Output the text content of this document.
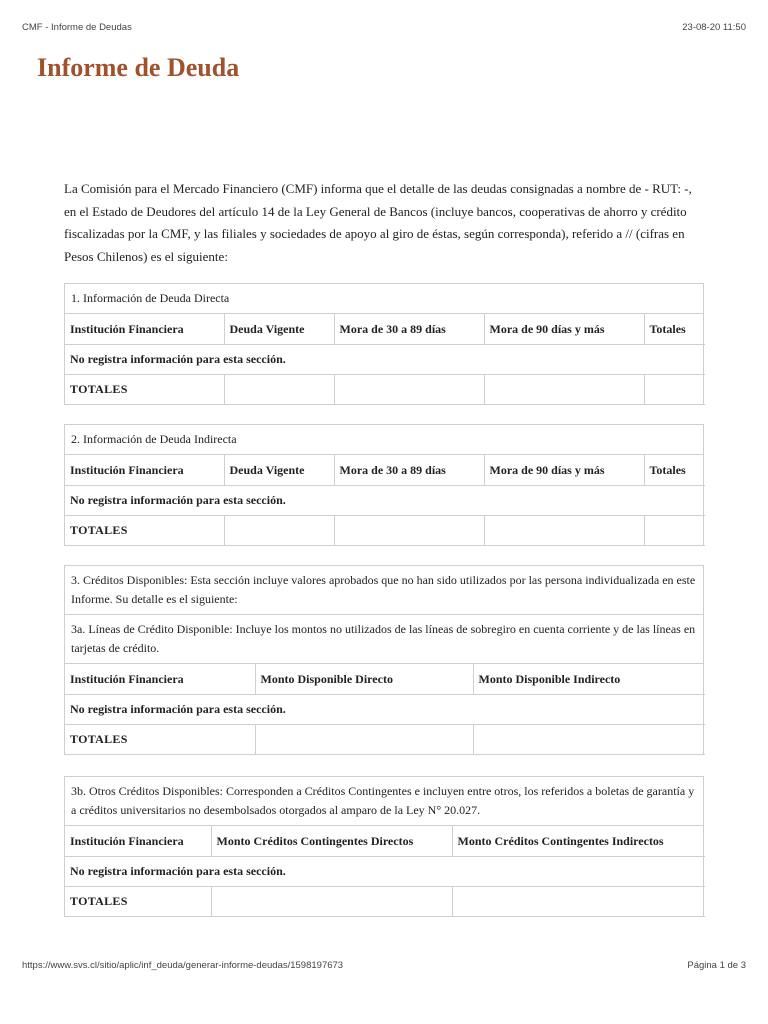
CMF - Informe de Deudas	23-08-20 11:50
Informe de Deuda

La Comisión para el Mercado Financiero (CMF) informa que el detalle de las deudas consignadas a nombre de - RUT: -, en el Estado de Deudores del artículo 14 de la Ley General de Bancos (incluye bancos, cooperativas de ahorro y crédito fiscalizadas por la CMF, y las filiales y sociedades de apoyo al giro de éstas, según corresponda), referido a // (cifras en Pesos Chilenos) es el siguiente:

1. Información de Deuda Directa
Institución Financiera	Deuda Vigente	Mora de 30 a 89 días	Mora de 90 días y más	Totales
No registra información para esta sección.				
TOTALES				
2. Información de Deuda Indirecta
Institución Financiera	Deuda Vigente	Mora de 30 a 89 días	Mora de 90 días y más	Totales
No registra información para esta sección.				
TOTALES				
3. Créditos Disponibles: Esta sección incluye valores aprobados que no han sido utilizados por las persona individualizada en este Informe. Su detalle es el siguiente:
3a. Líneas de Crédito Disponible: Incluye los montos no utilizados de las líneas de sobregiro en cuenta corriente y de las líneas en tarjetas de crédito.
Institución Financiera	Monto Disponible Directo	Monto Disponible Indirecto
No registra información para esta sección.		
TOTALES		
3b. Otros Créditos Disponibles: Corresponden a Créditos Contingentes e incluyen entre otros, los referidos a boletas de garantía y a créditos universitarios no desembolsados otorgados al amparo de la Ley N° 20.027.
Institución Financiera	Monto Créditos Contingentes Directos	Monto Créditos Contingentes Indirectos
No registra información para esta sección.		
TOTALES		
https://www.svs.cl/sitio/aplic/inf_deuda/generar-informe-deudas/1598197673	Página 1 de 3
